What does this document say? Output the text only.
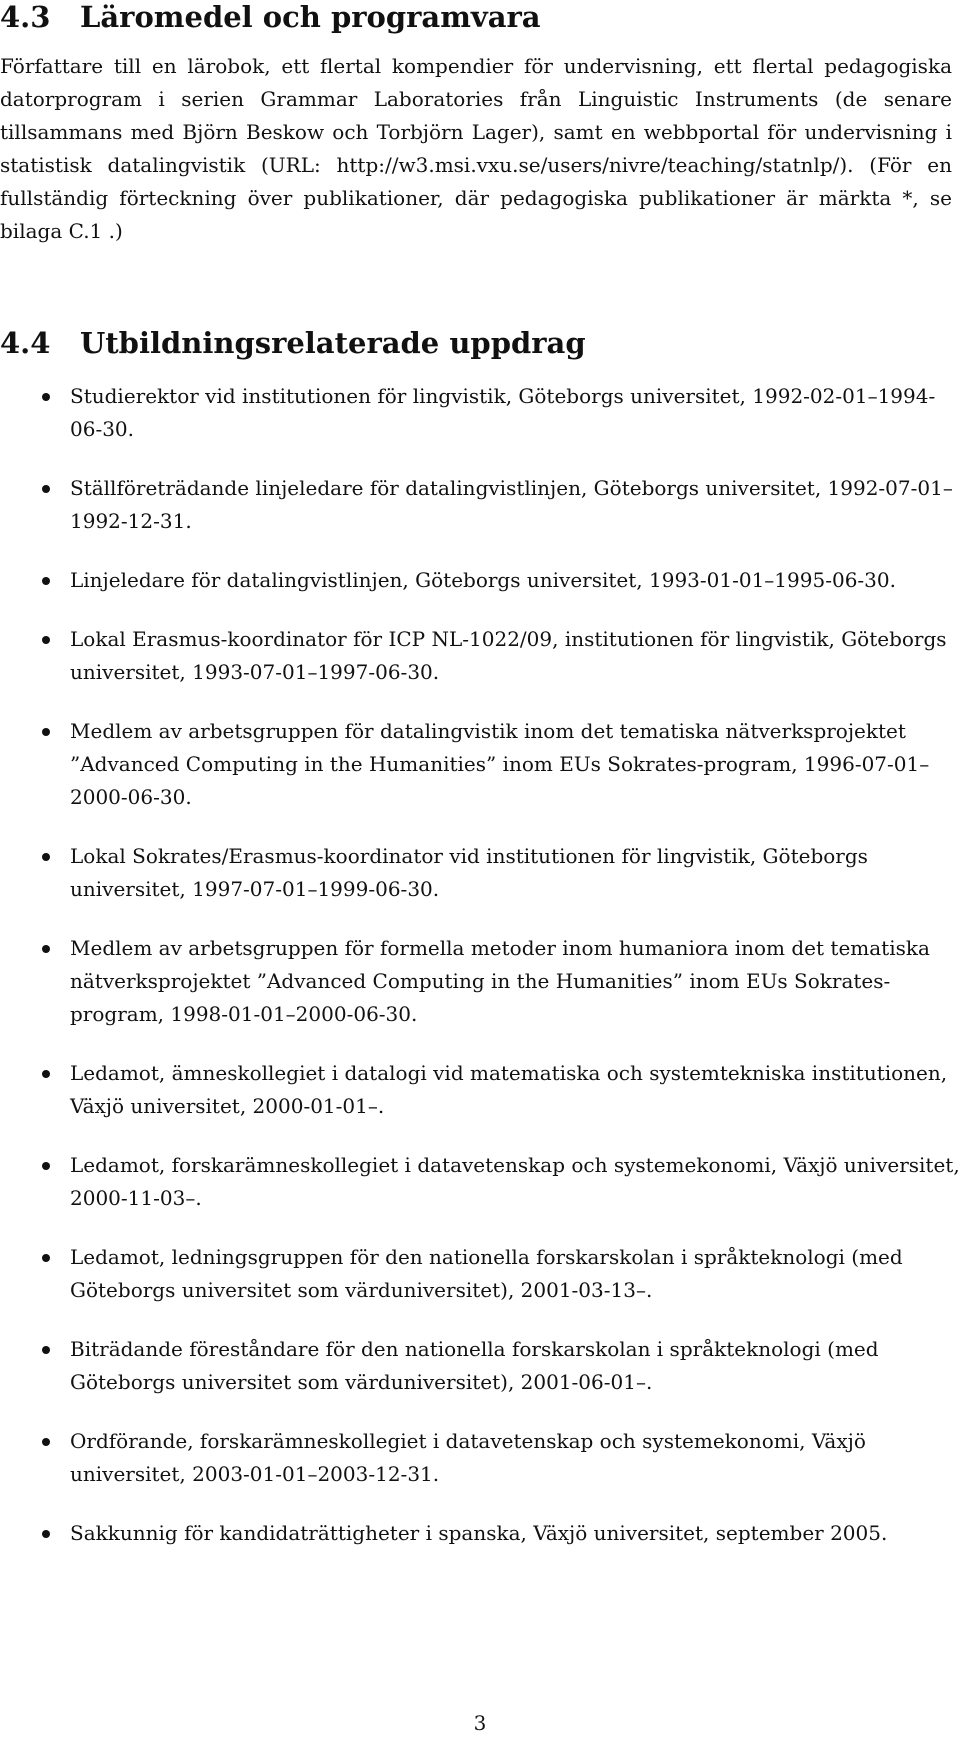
4.3 Läromedel och programvara

Författare till en lärobok, ett flertal kompendier för undervisning, ett flertal pedagogiska datorprogram i serien Grammar Laboratories från Linguistic Instruments (de senare tillsammans med Björn Beskow och Torbjörn Lager), samt en webbportal för undervisning i statistisk datalingvistik (URL: http://w3.msi.vxu.se/users/nivre/teaching/statnlp/). (För en fullständig förteckning över publikationer, där pedagogiska publikationer är märkta *, se bilaga C.1 .)

4.4 Utbildningsrelaterade uppdrag
Studierektor vid institutionen för lingvistik, Göteborgs universitet, 1992-02-01–1994-06-30.
Ställföreträdande linjeledare för datalingvistlinjen, Göteborgs universitet, 1992-07-01–1992-12-31.
Linjeledare för datalingvistlinjen, Göteborgs universitet, 1993-01-01–1995-06-30.
Lokal Erasmus-koordinator för ICP NL-1022/09, institutionen för lingvistik, Göteborgs universitet, 1993-07-01–1997-06-30.
Medlem av arbetsgruppen för datalingvistik inom det tematiska nätverksprojektet ”Advanced Computing in the Humanities” inom EUs Sokrates-program, 1996-07-01–2000-06-30.
Lokal Sokrates/Erasmus-koordinator vid institutionen för lingvistik, Göteborgs universitet, 1997-07-01–1999-06-30.
Medlem av arbetsgruppen för formella metoder inom humaniora inom det tematiska nätverksprojektet ”Advanced Computing in the Humanities” inom EUs Sokrates-program, 1998-01-01–2000-06-30.
Ledamot, ämneskollegiet i datalogi vid matematiska och systemtekniska institutionen, Växjö universitet, 2000-01-01–.
Ledamot, forskarämneskollegiet i datavetenskap och systemekonomi, Växjö universitet, 2000-11-03–.
Ledamot, ledningsgruppen för den nationella forskarskolan i språkteknologi (med Göteborgs universitet som värduniversitet), 2001-03-13–.
Biträdande föreståndare för den nationella forskarskolan i språkteknologi (med Göteborgs universitet som värduniversitet), 2001-06-01–.
Ordförande, forskarämneskollegiet i datavetenskap och systemekonomi, Växjö universitet, 2003-01-01–2003-12-31.
Sakkunnig för kandidaträttigheter i spanska, Växjö universitet, september 2005.
3
